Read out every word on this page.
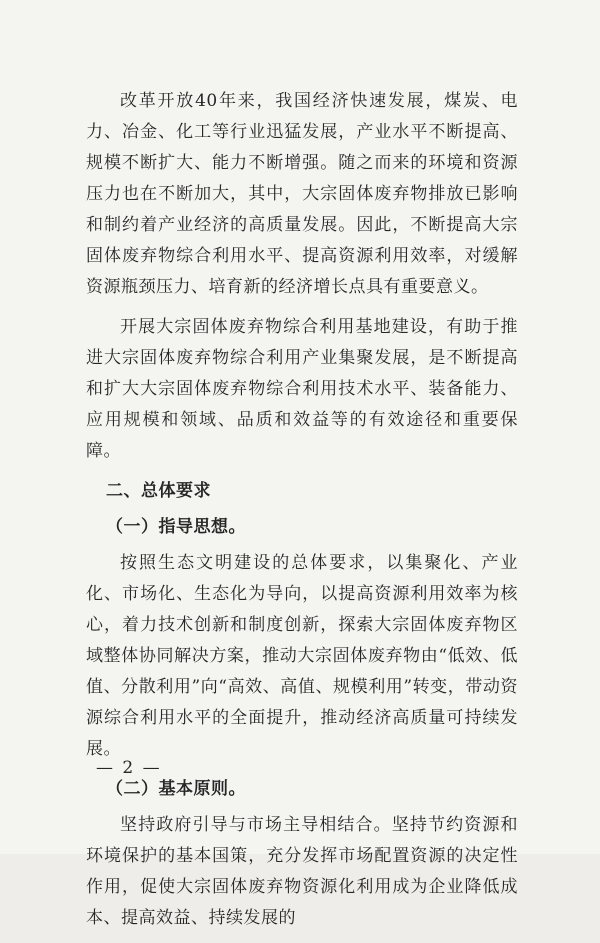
改革开放40年来，我国经济快速发展，煤炭、电力、冶金、化工等行业迅猛发展，产业水平不断提高、规模不断扩大、能力不断增强。随之而来的环境和资源压力也在不断加大，其中，大宗固体废弃物排放已影响和制约着产业经济的高质量发展。因此，不断提高大宗固体废弃物综合利用水平、提高资源利用效率，对缓解资源瓶颈压力、培育新的经济增长点具有重要意义。

开展大宗固体废弃物综合利用基地建设，有助于推进大宗固体废弃物综合利用产业集聚发展，是不断提高和扩大大宗固体废弃物综合利用技术水平、装备能力、应用规模和领域、品质和效益等的有效途径和重要保障。

二、总体要求

（一）指导思想。

按照生态文明建设的总体要求，以集聚化、产业化、市场化、生态化为导向，以提高资源利用效率为核心，着力技术创新和制度创新，探索大宗固体废弃物区域整体协同解决方案，推动大宗固体废弃物由“低效、低值、分散利用”向“高效、高值、规模利用”转变，带动资源综合利用水平的全面提升，推动经济高质量可持续发展。

（二）基本原则。

坚持政府引导与市场主导相结合。坚持节约资源和环境保护的基本国策，充分发挥市场配置资源的决定性作用，促使大宗固体废弃物资源化利用成为企业降低成本、提高效益、持续发展的

— 2 —
